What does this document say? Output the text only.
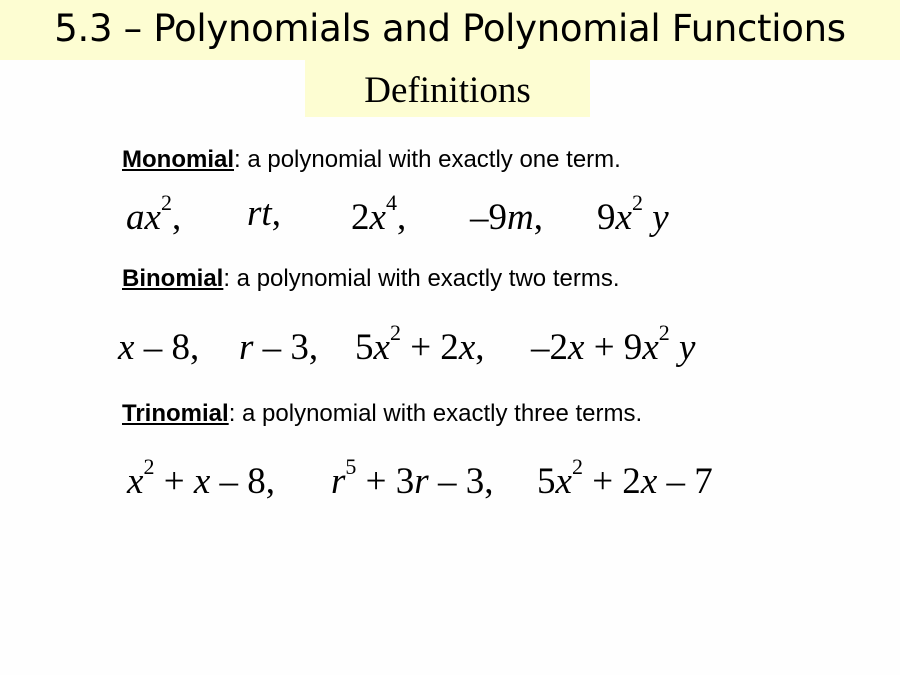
5.3 – Polynomials and Polynomial Functions
Definitions
Monomial: a polynomial with exactly one term.
$ax^2$, rt, $2x^4$, –9m, $9x^2$ y
Binomial: a polynomial with exactly two terms.
x – 8, r – 3, $5x^2 + 2x$, $-2x + 9x^2$ y
Trinomial: a polynomial with exactly three terms.
$x^2 + x - 8$, $r^5 + 3r - 3$, $5x^2 + 2x - 7$
